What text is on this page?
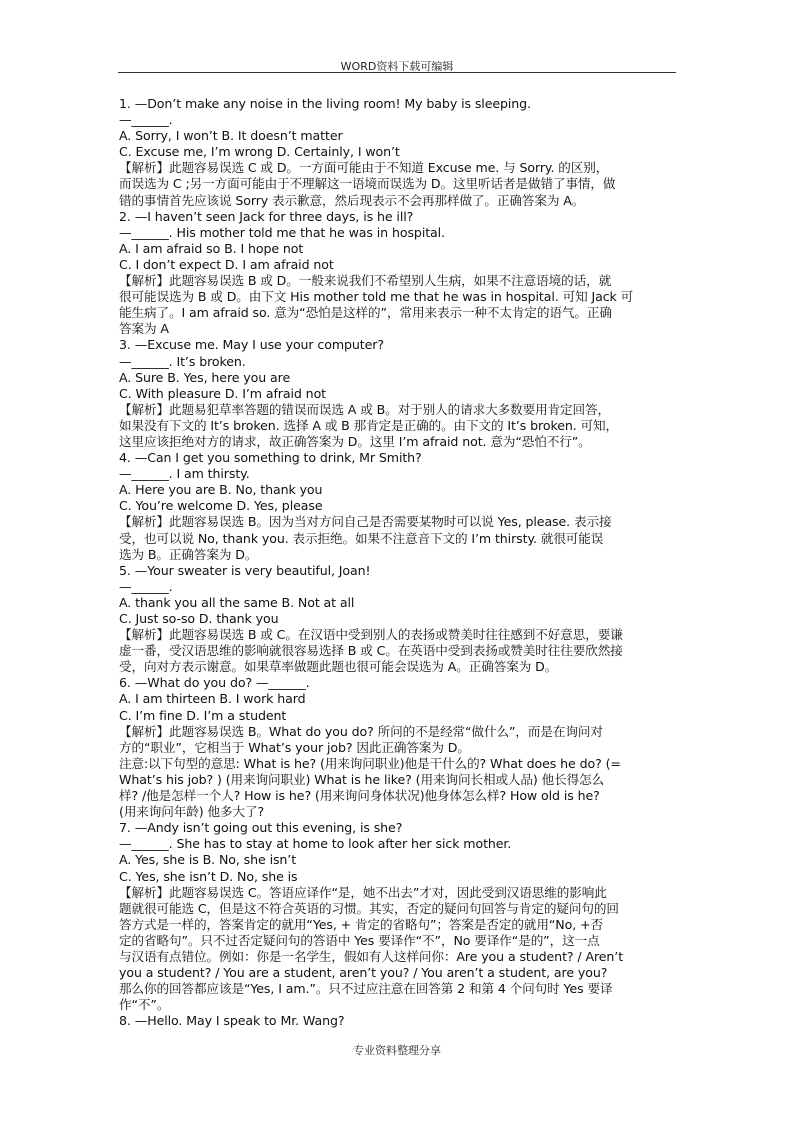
WORD资料下载可编辑
1. —Don’t make any noise in the living room! My baby is sleeping.
—______.
A. Sorry, I won’t B. It doesn’t matter
C. Excuse me, I’m wrong D. Certainly, I won’t
【解析】此题容易误选 C 或 D。一方面可能由于不知道 Excuse me. 与 Sorry. 的区别，
而误选为 C ;另一方面可能由于不理解这一语境而误选为 D。这里听话者是做错了事情，做
错的事情首先应该说 Sorry 表示歉意，然后现表示不会再那样做了。正确答案为 A。
2. —I haven’t seen Jack for three days, is he ill?
—______. His mother told me that he was in hospital.
A. I am afraid so B. I hope not
C. I don’t expect D. I am afraid not
【解析】此题容易误选 B 或 D。一般来说我们不希望别人生病，如果不注意语境的话，就
很可能误选为 B 或 D。由下文 His mother told me that he was in hospital. 可知 Jack 可
能生病了。I am afraid so. 意为“恐怕是这样的”，常用来表示一种不太肯定的语气。正确
答案为 A
3. —Excuse me. May I use your computer?
—______. It’s broken.
A. Sure B. Yes, here you are
C. With pleasure D. I’m afraid not
【解析】此题易犯草率答题的错误而误选 A 或 B。对于别人的请求大多数要用肯定回答，
如果没有下文的 It’s broken. 选择 A 或 B 那肯定是正确的。由下文的 It’s broken. 可知，
这里应该拒绝对方的请求，故正确答案为 D。这里 I’m afraid not. 意为“恐怕不行”。
4. —Can I get you something to drink, Mr Smith?
—______. I am thirsty.
A. Here you are B. No, thank you
C. You’re welcome D. Yes, please
【解析】此题容易误选 B。因为当对方问自己是否需要某物时可以说 Yes, please. 表示接
受，也可以说 No, thank you. 表示拒绝。如果不注意音下文的 I’m thirsty. 就很可能误
选为 B。正确答案为 D。
5. —Your sweater is very beautiful, Joan!
—______.
A. thank you all the same B. Not at all
C. Just so-so D. thank you
【解析】此题容易误选 B 或 C。在汉语中受到别人的表扬或赞美时往往感到不好意思，要谦
虚一番，受汉语思维的影响就很容易选择 B 或 C。在英语中受到表扬或赞美时往往要欣然接
受，向对方表示谢意。如果草率做题此题也很可能会误选为 A。正确答案为 D。
6. —What do you do? —______.
A. I am thirteen B. I work hard
C. I’m fine D. I’m a student
【解析】此题容易误选 B。What do you do? 所问的不是经常“做什么”，而是在询问对
方的“职业”，它相当于 What’s your job? 因此正确答案为 D。
注意:以下句型的意思: What is he? (用来询问职业)他是干什么的? What does he do? (=
What’s his job? ) (用来询问职业) What is he like? (用来询问长相或人品) 他长得怎么
样? /他是怎样一个人? How is he? (用来询问身体状况)他身体怎么样? How old is he?
(用来询问年龄) 他多大了?
7. —Andy isn’t going out this evening, is she?
—______. She has to stay at home to look after her sick mother.
A. Yes, she is B. No, she isn’t
C. Yes, she isn’t D. No, she is
【解析】此题容易误选 C。答语应译作“是，她不出去”才对，因此受到汉语思维的影响此
题就很可能选 C，但是这不符合英语的习惯。其实，否定的疑问句回答与肯定的疑问句的回
答方式是一样的，答案肯定的就用“Yes, + 肯定的省略句”；答案是否定的就用“No, +否
定的省略句”。只不过否定疑问句的答语中 Yes 要译作“不”，No 要译作“是的”，这一点
与汉语有点错位。例如：你是一名学生，假如有人这样问你：Are you a student? / Aren’t
you a student? / You are a student, aren’t you? / You aren’t a student, are you?
那么你的回答都应该是“Yes, I am.”。只不过应注意在回答第 2 和第 4 个问句时 Yes 要译
作“不”。
8. —Hello. May I speak to Mr. Wang?
专业资料整理分享
